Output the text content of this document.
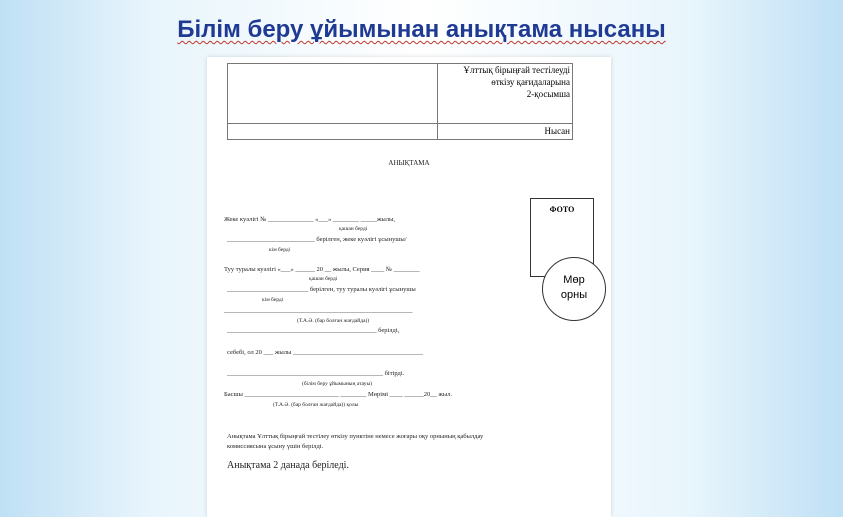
Білім беру ұйымынан анықтама нысаны

	Ұлттық бірыңғай тестілеуді
өткізу қағидаларына
2-қосымша

	Нысан
АНЫҚТАМА
ФОТО
Мөр
орны
Жеке куәлігі № ______________ «___» ________ _____жылы,
қашан берді
___________________________ берілген, жеке куәлігі ұсынушы/
кім берді
Туу туралы куәлігі «___» ______ 20 __ жылы, Серия ____ № ________
қашан берді
_________________________ берілген, туу туралы куәлігі ұсынушы
кім берді
__________________________________________________________
(Т.А.Ә. (бар болған жағдайда))
______________________________________________ берілді,
себебі, ол 20 ___ жылы ________________________________________
________________________________________________ бітірді.
(білім беру ұйымының атауы)
Басшы _____________________________ ________ Мөрімі ____ ______20__ жыл.
(Т.А.Ә. (бар болған жағдайда)) қолы
Анықтама Ұлттық бірыңғай тестілеу өткізу пунктіне немесе жоғары оқу орнының қабылдау
комиссиясына ұсыну үшін берілді.
Анықтама 2 данада беріледі.
